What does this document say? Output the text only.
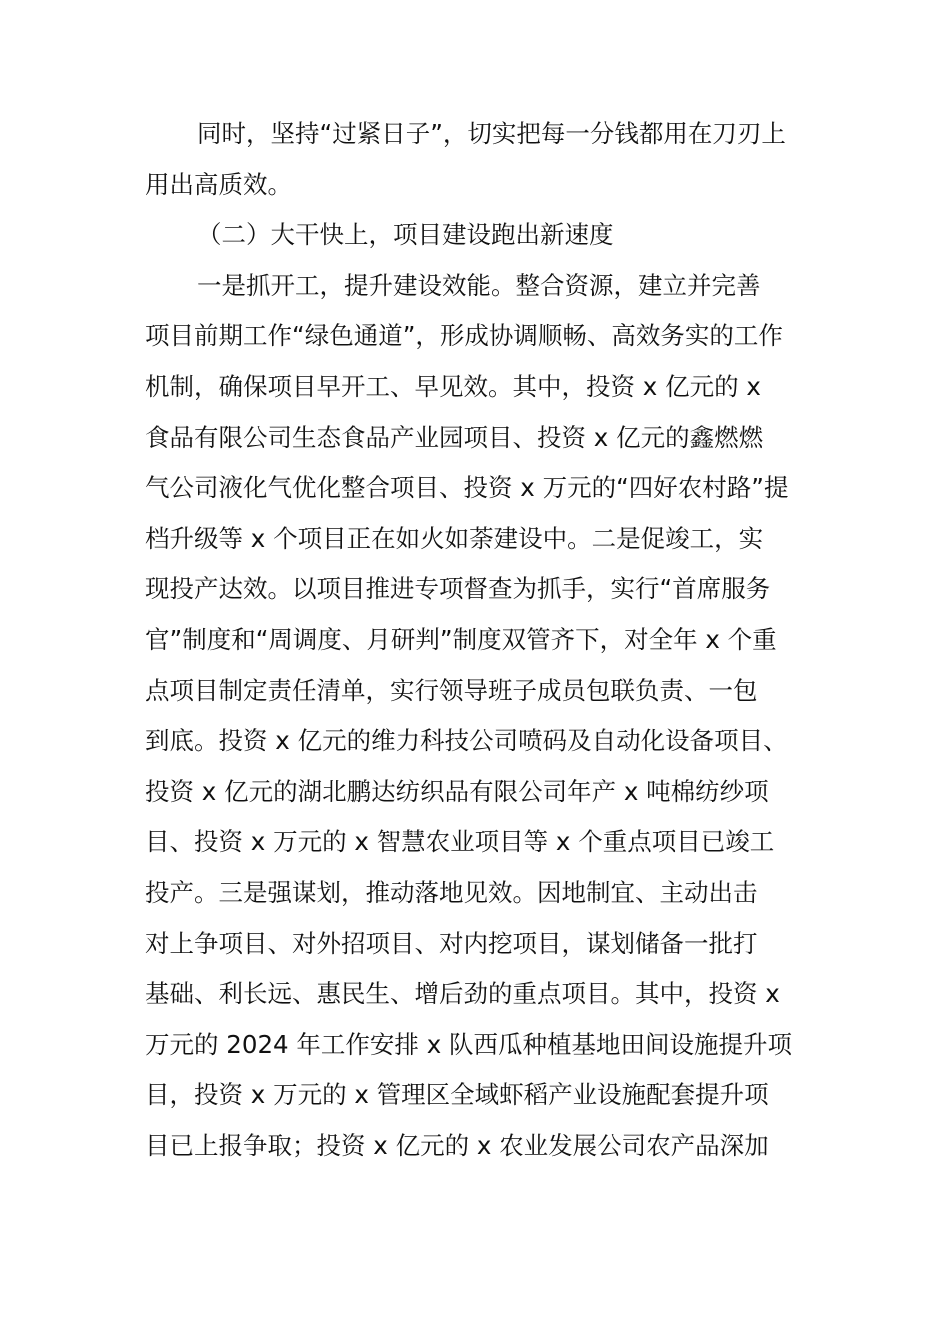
同时，坚持“过紧日子”，切实把每一分钱都用在刀刃上
用出高质效。
（二）大干快上，项目建设跑出新速度
一是抓开工，提升建设效能。整合资源，建立并完善
项目前期工作“绿色通道”，形成协调顺畅、高效务实的工作
机制，确保项目早开工、早见效。其中，投资 x 亿元的 x
食品有限公司生态食品产业园项目、投资 x 亿元的鑫燃燃
气公司液化气优化整合项目、投资 x 万元的“四好农村路”提
档升级等 x 个项目正在如火如荼建设中。二是促竣工，实
现投产达效。以项目推进专项督查为抓手，实行“首席服务
官”制度和“周调度、月研判”制度双管齐下，对全年 x 个重
点项目制定责任清单，实行领导班子成员包联负责、一包
到底。投资 x 亿元的维力科技公司喷码及自动化设备项目、
投资 x 亿元的湖北鹏达纺织品有限公司年产 x 吨棉纺纱项
目、投资 x 万元的 x 智慧农业项目等 x 个重点项目已竣工
投产。三是强谋划，推动落地见效。因地制宜、主动出击
对上争项目、对外招项目、对内挖项目，谋划储备一批打
基础、利长远、惠民生、增后劲的重点项目。其中，投资 x
万元的 2024 年工作安排 x 队西瓜种植基地田间设施提升项
目，投资 x 万元的 x 管理区全域虾稻产业设施配套提升项
目已上报争取；投资 x 亿元的 x 农业发展公司农产品深加
